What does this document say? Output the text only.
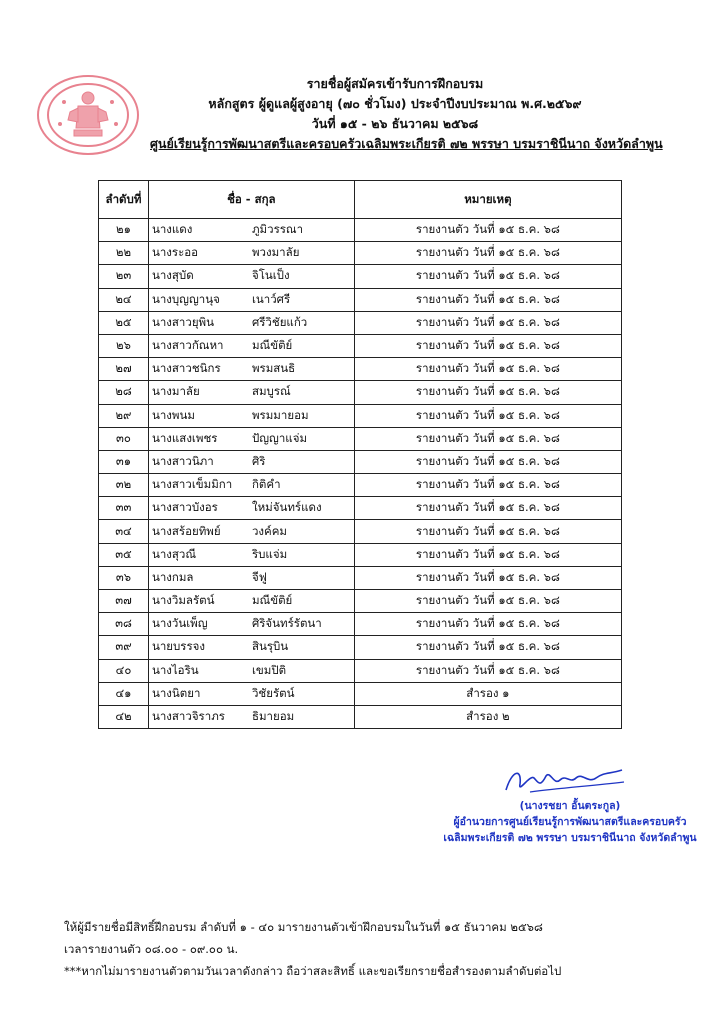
รายชื่อผู้สมัครเข้ารับการฝึกอบรม
หลักสูตร ผู้ดูแลผู้สูงอายุ (๗๐ ชั่วโมง) ประจำปีงบประมาณ พ.ศ.๒๕๖๙
วันที่ ๑๕ - ๒๖ ธันวาคม ๒๕๖๘
ศูนย์เรียนรู้การพัฒนาสตรีและครอบครัวเฉลิมพระเกียรติ ๗๒ พรรษา บรมราชินีนาถ จังหวัดลำพูน
ลำดับที่	ชื่อ - สกุล	หมายเหตุ
๒๑	นางแดง ภูมิวรรณา	รายงานตัว วันที่ ๑๕ ธ.ค. ๖๘
๒๒	นางระออ พวงมาลัย	รายงานตัว วันที่ ๑๕ ธ.ค. ๖๘
๒๓	นางสุบัด จิโนเป็ง	รายงานตัว วันที่ ๑๕ ธ.ค. ๖๘
๒๔	นางบุญญานุจ เนาว์ศรี	รายงานตัว วันที่ ๑๕ ธ.ค. ๖๘
๒๕	นางสาวยุพิน ศรีวิชัยแก้ว	รายงานตัว วันที่ ๑๕ ธ.ค. ๖๘
๒๖	นางสาวกัณหา มณีขัติย์	รายงานตัว วันที่ ๑๕ ธ.ค. ๖๘
๒๗	นางสาวชนิกร พรมสนธิ	รายงานตัว วันที่ ๑๕ ธ.ค. ๖๘
๒๘	นางมาลัย สมบูรณ์	รายงานตัว วันที่ ๑๕ ธ.ค. ๖๘
๒๙	นางพนม พรมมายอม	รายงานตัว วันที่ ๑๕ ธ.ค. ๖๘
๓๐	นางแสงเพชร ปัญญาแจ่ม	รายงานตัว วันที่ ๑๕ ธ.ค. ๖๘
๓๑	นางสาวนิภา ศิริ	รายงานตัว วันที่ ๑๕ ธ.ค. ๖๘
๓๒	นางสาวเข็มมิกา กิติคำ	รายงานตัว วันที่ ๑๕ ธ.ค. ๖๘
๓๓	นางสาวบังอร ใหม่จันทร์แดง	รายงานตัว วันที่ ๑๕ ธ.ค. ๖๘
๓๔	นางสร้อยทิพย์ วงค์คม	รายงานตัว วันที่ ๑๕ ธ.ค. ๖๘
๓๕	นางสุวณี ริบแจ่ม	รายงานตัว วันที่ ๑๕ ธ.ค. ๖๘
๓๖	นางกมล จีฟู	รายงานตัว วันที่ ๑๕ ธ.ค. ๖๘
๓๗	นางวิมลรัตน์ มณีขัติย์	รายงานตัว วันที่ ๑๕ ธ.ค. ๖๘
๓๘	นางวันเพ็ญ ศิริจันทร์รัตนา	รายงานตัว วันที่ ๑๕ ธ.ค. ๖๘
๓๙	นายบรรจง สินรุบิน	รายงานตัว วันที่ ๑๕ ธ.ค. ๖๘
๔๐	นางไอริน เขมปิติ	รายงานตัว วันที่ ๑๕ ธ.ค. ๖๘
๔๑	นางนิตยา วิชัยรัตน์	สำรอง ๑
๔๒	นางสาวจิราภร ธิมายอม	สำรอง ๒
(นางรชยา อั้นตระกูล)
ผู้อำนวยการศูนย์เรียนรู้การพัฒนาสตรีและครอบครัว
เฉลิมพระเกียรติ ๗๒ พรรษา บรมราชินีนาถ จังหวัดลำพูน
ให้ผู้มีรายชื่อมีสิทธิ์ฝึกอบรม ลำดับที่ ๑ - ๔๐ มารายงานตัวเข้าฝึกอบรมในวันที่ ๑๕ ธันวาคม ๒๕๖๘
เวลารายงานตัว ๐๘.๐๐ - ๐๙.๐๐ น.
***หากไม่มารายงานตัวตามวันเวลาดังกล่าว ถือว่าสละสิทธิ์ และขอเรียกรายชื่อสำรองตามลำดับต่อไป
